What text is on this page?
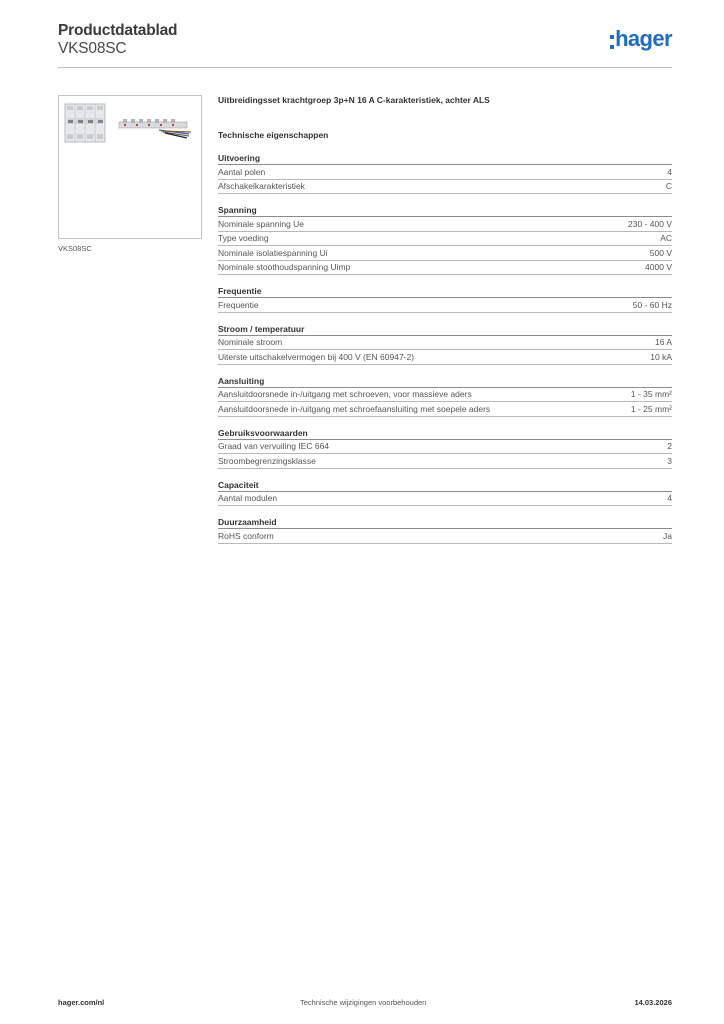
Productdatablad
VKS08SC	hager
VKS08SC
Uitbreidingsset krachtgroep 3p+N 16 A C-karakteristiek, achter ALS
Technische eigenschappen
Uitvoering
Aantal polen	4
Afschakelkarakteristiek	C
Spanning
Nominale spanning Ue	230 - 400 V
Type voeding	AC
Nominale isolatiespanning Ui	500 V
Nominale stoothoudspanning Uimp	4000 V
Frequentie
Frequentie	50 - 60 Hz
Stroom / temperatuur
Nominale stroom	16 A
Uiterste uitschakelvermogen bij 400 V (EN 60947-2)	10 kA
Aansluiting
Aansluitdoorsnede in-/uitgang met schroeven, voor massieve aders	1 - 35 mm²
Aansluitdoorsnede in-/uitgang met schroefaansluiting met soepele aders	1 - 25 mm²
Gebruiksvoorwaarden
Graad van vervuiling IEC 664	2
Stroombegrenzingsklasse	3
Capaciteit
Aantal modulen	4
Duurzaamheid
RoHS conform	Ja
hager.com/nl	Technische wijzigingen voorbehouden	14.03.2026
